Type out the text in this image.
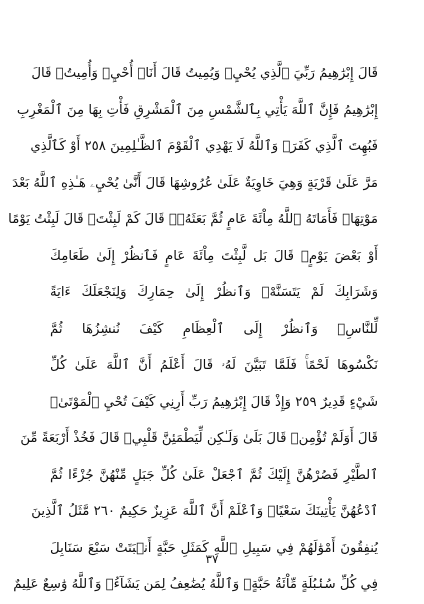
قَالَ إِبْرَٰهِيمُ رَبِّيَ ٱلَّذِي يُحْيِۦ وَيُمِيتُ قَالَ أَنَا۠ أُحْيِۦ وَأُمِيتُۖ قَالَ
إِبْرَٰهِيمُ فَإِنَّ ٱللَّهَ يَأْتِي بِٱلشَّمْسِ مِنَ ٱلْمَشْرِقِ فَأْتِ بِهَا مِنَ ٱلْمَغْرِبِ
فَبُهِتَ ٱلَّذِي كَفَرَۗ وَٱللَّهُ لَا يَهْدِي ٱلْقَوْمَ ٱلظَّـٰلِمِينَ ٢٥٨ أَوْ كَٱلَّذِي
مَرَّ عَلَىٰ قَرْيَةٍ وَهِيَ خَاوِيَةٌ عَلَىٰ عُرُوشِهَا قَالَ أَنَّىٰ يُحْيِۦ هَـٰذِهِ ٱللَّهُ بَعْدَ
مَوْتِهَاۖ فَأَمَاتَهُ ٱللَّهُ مِاْئَةَ عَامٍ ثُمَّ بَعَثَهُۥۖ قَالَ كَمْ لَبِثْتَۖ قَالَ لَبِثْتُ يَوْمًا
أَوْ بَعْضَ يَوْمٍۖ قَالَ بَل لَّبِثْتَ مِاْئَةَ عَامٍ فَٱنظُرْ إِلَىٰ طَعَامِكَ
وَشَرَابِكَ لَمْ يَتَسَنَّهْۖ وَٱنظُرْ إِلَىٰ حِمَارِكَ وَلِنَجْعَلَكَ ءَايَةً
لِّلنَّاسِۖ وَٱنظُرْ إِلَى ٱلْعِظَامِ كَيْفَ نُنشِزُهَا ثُمَّ
نَكْسُوهَا لَحْمًاۚ فَلَمَّا تَبَيَّنَ لَهُۥ قَالَ أَعْلَمُ أَنَّ ٱللَّهَ عَلَىٰ كُلِّ
شَيْءٍ قَدِيرٌ ٢٥٩ وَإِذْ قَالَ إِبْرَٰهِيمُ رَبِّ أَرِنِي كَيْفَ تُحْيِ ٱلْمَوْتَىٰۖ
قَالَ أَوَلَمْ تُؤْمِنۖ قَالَ بَلَىٰ وَلَـٰكِن لِّيَطْمَئِنَّ قَلْبِيۖ قَالَ فَخُذْ أَرْبَعَةً مِّنَ
ٱلطَّيْرِ فَصُرْهُنَّ إِلَيْكَ ثُمَّ ٱجْعَلْ عَلَىٰ كُلِّ جَبَلٍ مِّنْهُنَّ جُزْءًا ثُمَّ
ٱدْعُهُنَّ يَأْتِينَكَ سَعْيًاۚ وَٱعْلَمْ أَنَّ ٱللَّهَ عَزِيزٌ حَكِيمٌ ٢٦٠ مَّثَلُ ٱلَّذِينَ
يُنفِقُونَ أَمْوَٰلَهُمْ فِي سَبِيلِ ٱللَّهِ كَمَثَلِ حَبَّةٍ أَنۢبَتَتْ سَبْعَ سَنَابِلَ
فِي كُلِّ سُنۢبُلَةٍ مِّاْئَةُ حَبَّةٍۗ وَٱللَّهُ يُضَٰعِفُ لِمَن يَشَآءُۗ وَٱللَّهُ وَٰسِعٌ عَلِيمٌ
٣٧
